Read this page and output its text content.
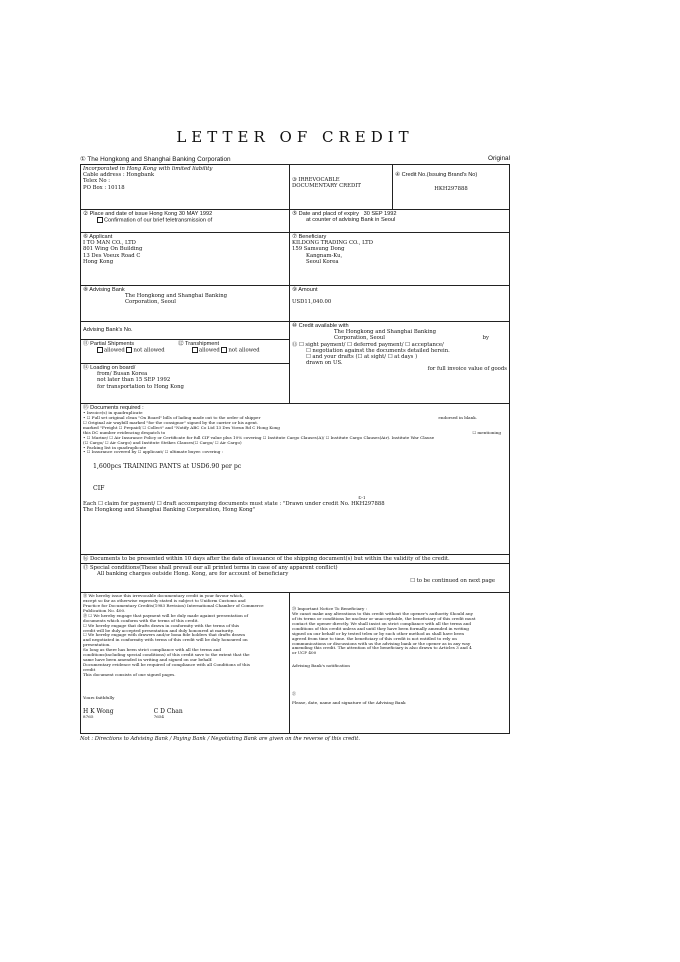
LETTER OF CREDIT
① The Hongkong and Shanghai Banking Corporation	Original
Incorporated in Hong Kong with limited liability
Cable address : Hongbank
Telex No :
PO Box : 10118
③ IRREVOCABLE
DOCUMENTARY CREDIT
④ Credit No.(Issuing Brand's No)
HKH297888
② Place and date of issue Hong Kong 30 MAY 1992
Confirmation of our brief teletransmission of
⑤ Date and placd of expiry 30 SEP 1992
at counter of advising Bank in Seoul
⑥ Applicant
I TO MAN CO., LTD
801 Wing On Building
13 Des Voeux Road C
Hong Kong
⑦ Beneficiary
KILDONG TRADING CO., LTD
159 Samsung Dong
Kangnam-Ku,
Seoul Korea
⑧ Advising Bank
The Hongkong and Shanghai Banking
Corporation, Seoul
⑨ Amount
USD11,040.00
Advising Bank's No.
⑪ Partial Shipments
allowed not allowed
⑫ Transhipment
allowed not allowed
⑭ Loading on board/
from/ Busan Korea
not later than 15 SEP 1992
for transportation to Hong Kong
⑩ Credit available with
The Hongkong and Shanghai Banking
Corporation, Seoul	by
⑬ ☐ sight payment/ ☐ deferred payment/ ☐ acceptance/
☐ negotiation against the documents detailed herein.
☐ and your drafts (☐ at sight/ ☐ at days )
drawn on US.
for full invoice value of goods
⑮ Documents required :
• Invoice(s) in quadruplicate
• ☐ Full set original clean "On Board" bills of lading made out to the order of shipper
☐ Original air waybill marked "for the consignor" signed by the carrier or his agent.
marked "Freight ☐ Prepaid/ ☐ Collect" and "Notify ABC Co Ltd 13 Des Voeux Rd C Hong Kong
this DC number evidencing despatch to
• ☐ Marine/ ☐ Air Insurance Policy or Certificate for full CIF value plus 10% covering ☐ Institute Cargo Clauses(A)/ ☐ Institute Cargo Clauses(Air). Institute War Clause
(☐ Cargo/ ☐ Air Cargo) and Institute Strikes Clauses(☐ Cargo/ ☐ Air Cargo)
• Packing list in quadruplicate
• ☐ Insurance covered by ☐ applicant/ ☐ ultimate buyer. covering :
endorsed in blank.
☐ mentioning
1,600pcs TRAINING PANTS at USD6.90 per pc
CIF
①-1
Each ☐ claim for payment/ ☐ draft accompanying documents must state : "Drawn under credit No. HKH297888
The Hongkong and Shanghai Banking Corporation, Hong Kong"
⑯ Documents to be presented within 10 days after the date of issuance of the shipping document(s) but within the validity of the credit.
⑰ Special conditions(These shall prevail our all printed terms in case of any apparent conflict)
All banking charges outside Hong. Kong, are for account of beneficiary
☐ to be continued on next page
⑱ We hereby issue this irrevocable documentary credit in your favour which,
except so far as otherwise expressly stated is subject to Uniform Customs and
Practice for Documentary Credits(1983 Revision) International Chamber of Commerce
Publication No. 400.
⑲ ☐ We hereby engage that payment will be duly made against presentation of
documents which conform with the terms of this credit.
☐ We hereby engage that drafts drawn in conformity with the terms of this
credit will be duly accepted presentation and duly honoured at maturity.
☐ We hereby engage with drawers and/or bona fide holders that drafts drawn
and negotiated in conformity with terms of this credit will be duly honoured on
presentation.
So long as there has been strict compliance with all the terms and
conditions(including special conditions) of this credit save to the extent that the
same have been amended in writing and signed on our behalf.
Documentary evidence will be required of compliance with all Conditions of this
credit
This document consists of one signed pages.
⑳ Important Notice To Beneficiary :
We canot make any alterations to this credit without the opener's authority Should any
of its terms or conditions be unclear or unacceptable, the beneficiary of this credit must
contact the opener directly. We shall insist on strict compliance with all the terms and
conditions of this credit unless and until they have been formally amended in writing
signed on our behalf or by tested telex or by such other method as shall have been
agreed from time to time. the beneficiary of this credit is not entitled to rely on
communications or discussions with us the advising bank or the opener as in any way
amending this credit. The attention of the beneficiary is also drawn to Articles 3 and 4
or UCP 400
Advising Bank's notification
Yours faithfully
H K Wong
8765
C D Chan
7654
㉑
Please, date, name and signature of the Advising Bank
Not : Directions to Advising Bank / Paying Bank / Negotiating Bank are given on the reverse of this credit.
